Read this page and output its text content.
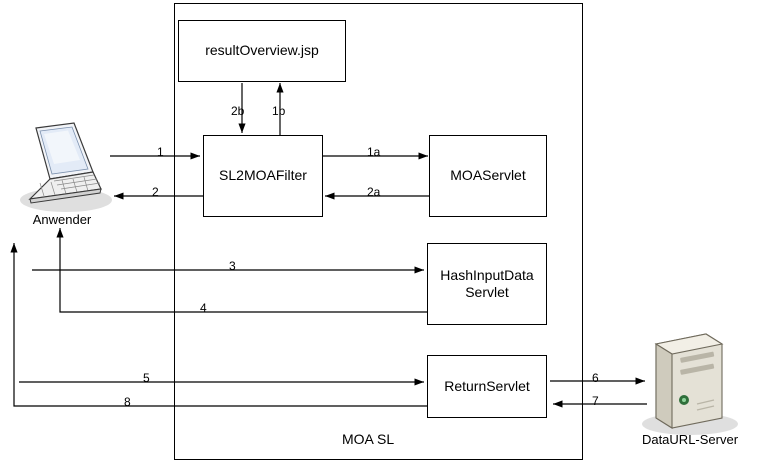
MOA SL
Anwender
DataURL-Server
resultOverview.jsp
SL2MOAFilter	MOAServlet
HashInputData
Servlet
ReturnServlet
1
2
1a
2a
1b
2b
3
4
5	6
7
8
